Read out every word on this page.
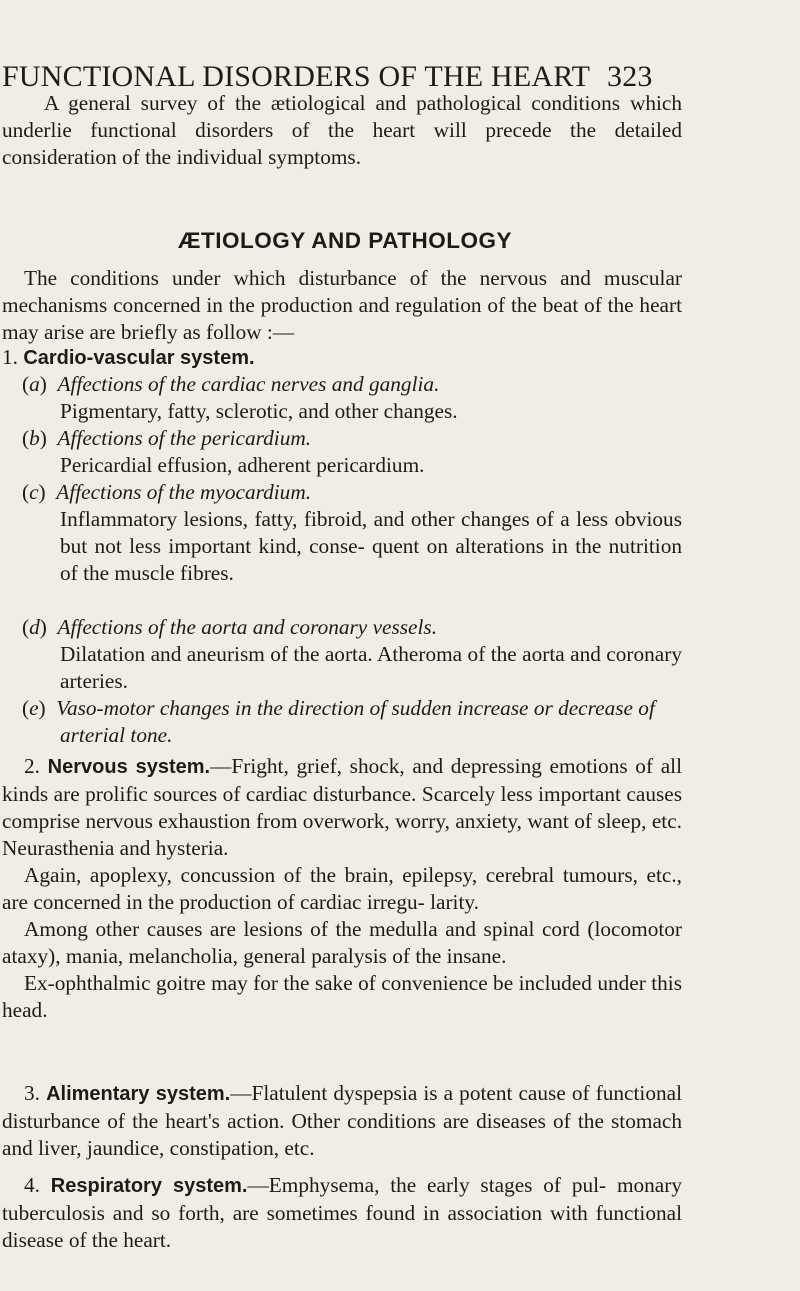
FUNCTIONAL DISORDERS OF THE HEART 323
A general survey of the ætiological and pathological conditions which underlie functional disorders of the heart will precede the detailed consideration of the individual symptoms.
ÆTIOLOGY AND PATHOLOGY
The conditions under which disturbance of the nervous and muscular mechanisms concerned in the production and regulation of the beat of the heart may arise are briefly as follow :—
1. Cardio-vascular system.
(a)  Affections of the cardiac nerves and ganglia.
Pigmentary, fatty, sclerotic, and other changes.
(b)  Affections of the pericardium.
Pericardial effusion, adherent pericardium.
(c)  Affections of the myocardium.
Inflammatory lesions, fatty, fibroid, and other changes of a less obvious but not less important kind, conse- quent on alterations in the nutrition of the muscle fibres.
(d)  Affections of the aorta and coronary vessels.
Dilatation and aneurism of the aorta. Atheroma of the aorta and coronary arteries.
(e)  Vaso-motor changes in the direction of sudden increase or decrease of arterial tone.

2. Nervous system.—Fright, grief, shock, and depressing emotions of all kinds are prolific sources of cardiac disturbance. Scarcely less important causes comprise nervous exhaustion from overwork, worry, anxiety, want of sleep, etc. Neurasthenia and hysteria.

Again, apoplexy, concussion of the brain, epilepsy, cerebral tumours, etc., are concerned in the production of cardiac irregu- larity.

Among other causes are lesions of the medulla and spinal cord (locomotor ataxy), mania, melancholia, general paralysis of the insane.

Ex-ophthalmic goitre may for the sake of convenience be included under this head.

3. Alimentary system.—Flatulent dyspepsia is a potent cause of functional disturbance of the heart's action. Other conditions are diseases of the stomach and liver, jaundice, constipation, etc.

4. Respiratory system.—Emphysema, the early stages of pul- monary tuberculosis and so forth, are sometimes found in association with functional disease of the heart.
